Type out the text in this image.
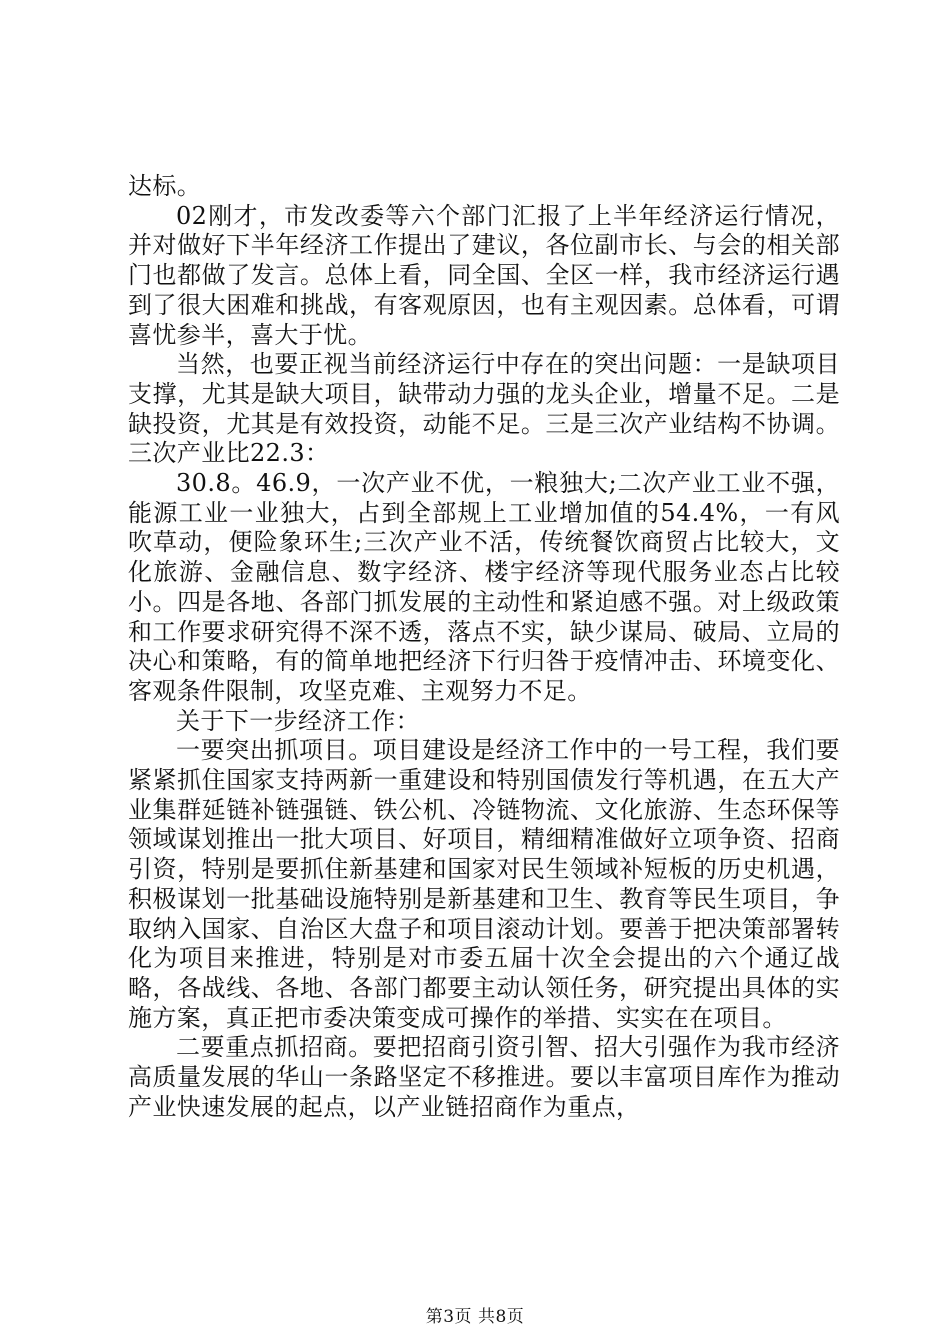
达标。

02刚才，市发改委等六个部门汇报了上半年经济运行情况，并对做好下半年经济工作提出了建议，各位副市长、与会的相关部门也都做了发言。总体上看，同全国、全区一样，我市经济运行遇到了很大困难和挑战，有客观原因，也有主观因素。总体看，可谓喜忧参半，喜大于忧。

当然，也要正视当前经济运行中存在的突出问题：一是缺项目支撑，尤其是缺大项目，缺带动力强的龙头企业，增量不足。二是缺投资，尤其是有效投资，动能不足。三是三次产业结构不协调。三次产业比22.3：

30.8。46.9，一次产业不优，一粮独大;二次产业工业不强，能源工业一业独大，占到全部规上工业增加值的54.4%，一有风吹草动，便险象环生;三次产业不活，传统餐饮商贸占比较大，文化旅游、金融信息、数字经济、楼宇经济等现代服务业态占比较小。四是各地、各部门抓发展的主动性和紧迫感不强。对上级政策和工作要求研究得不深不透，落点不实，缺少谋局、破局、立局的决心和策略，有的简单地把经济下行归咎于疫情冲击、环境变化、客观条件限制，攻坚克难、主观努力不足。

关于下一步经济工作：

一要突出抓项目。项目建设是经济工作中的一号工程，我们要紧紧抓住国家支持两新一重建设和特别国债发行等机遇，在五大产业集群延链补链强链、铁公机、冷链物流、文化旅游、生态环保等领域谋划推出一批大项目、好项目，精细精准做好立项争资、招商引资，特别是要抓住新基建和国家对民生领域补短板的历史机遇，积极谋划一批基础设施特别是新基建和卫生、教育等民生项目，争取纳入国家、自治区大盘子和项目滚动计划。要善于把决策部署转化为项目来推进，特别是对市委五届十次全会提出的六个通辽战略，各战线、各地、各部门都要主动认领任务，研究提出具体的实施方案，真正把市委决策变成可操作的举措、实实在在项目。

二要重点抓招商。要把招商引资引智、招大引强作为我市经济高质量发展的华山一条路坚定不移推进。要以丰富项目库作为推动产业快速发展的起点，以产业链招商作为重点，

第3页 共8页
